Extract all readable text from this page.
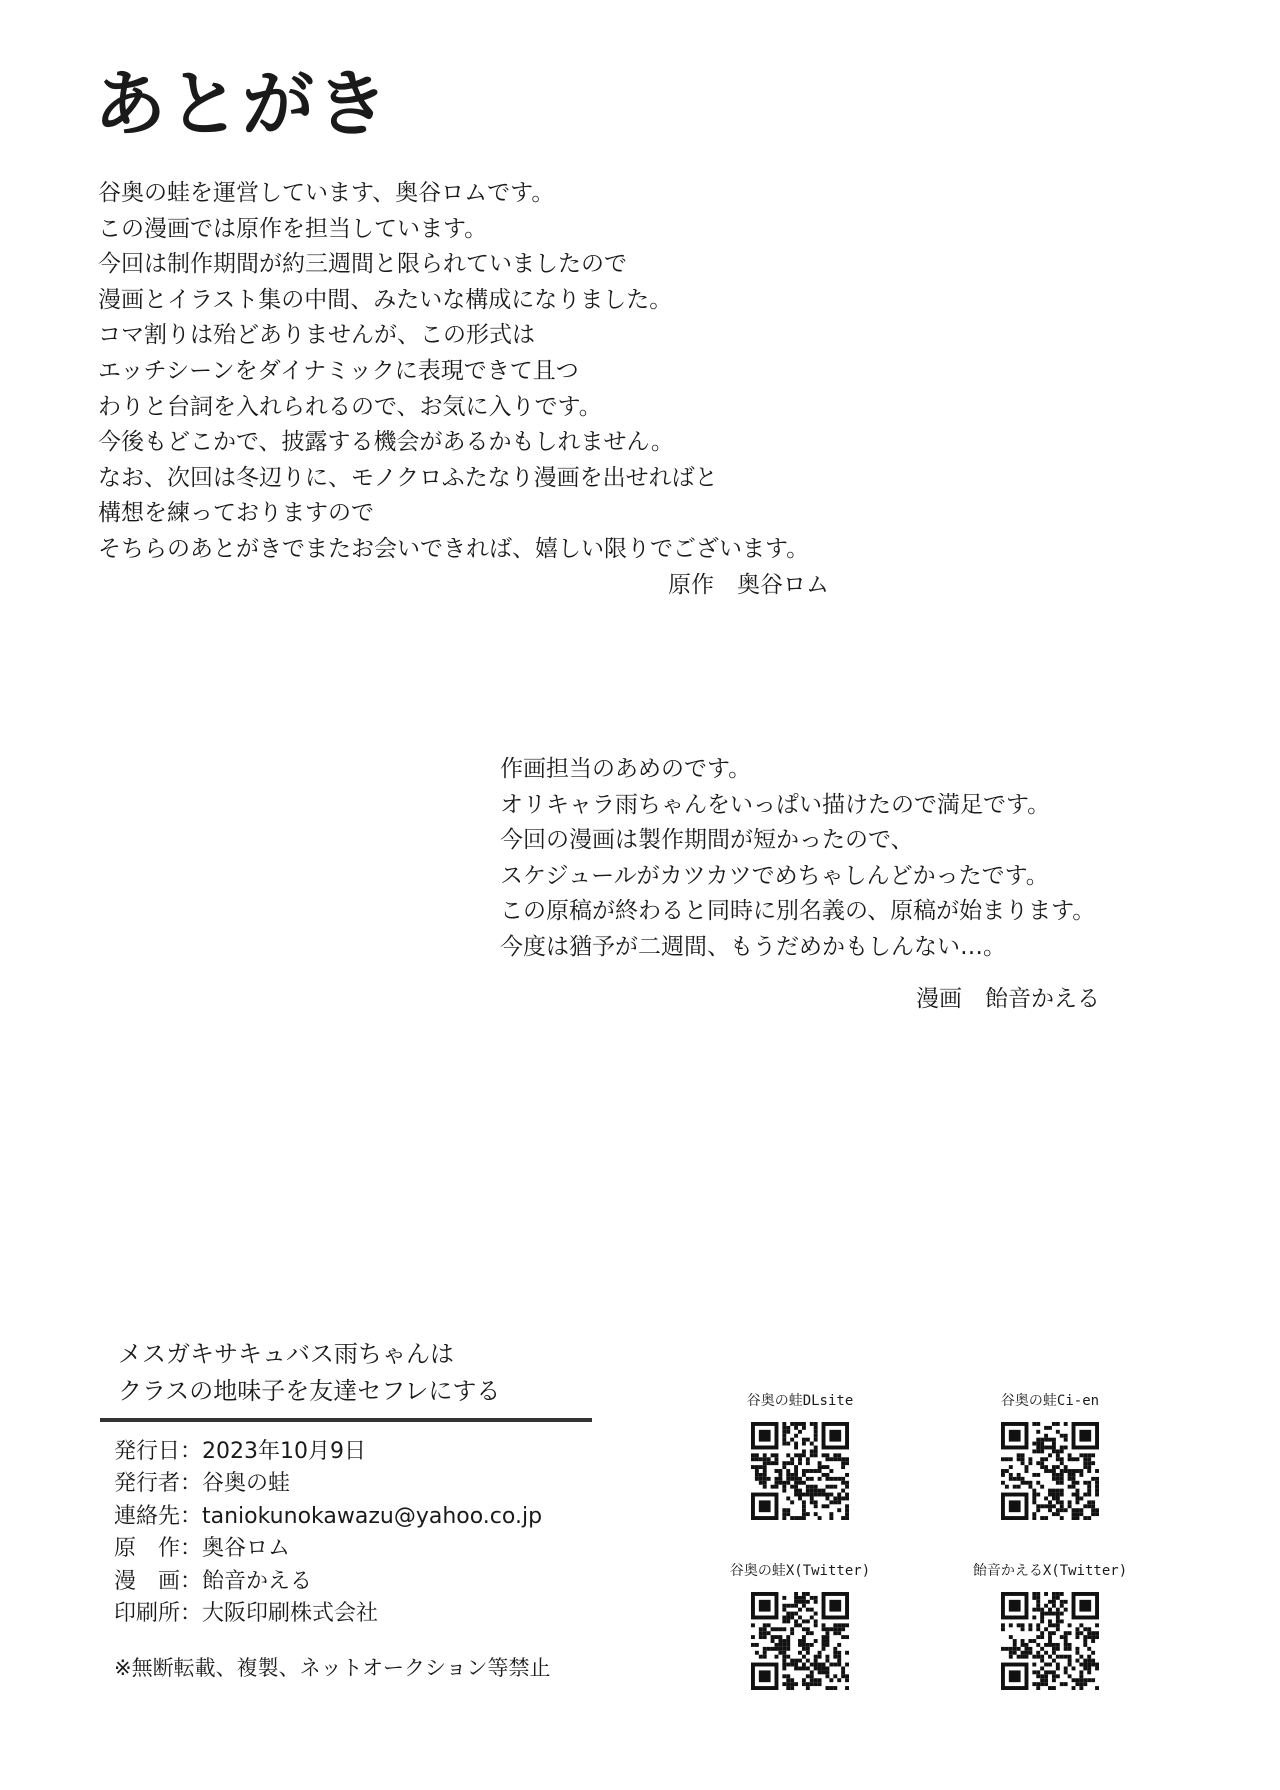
あとがき
谷奥の蛙を運営しています、奥谷ロムです。
この漫画では原作を担当しています。
今回は制作期間が約三週間と限られていましたので
漫画とイラスト集の中間、みたいな構成になりました。
コマ割りは殆どありませんが、この形式は
エッチシーンをダイナミックに表現できて且つ
わりと台詞を入れられるので、お気に入りです。
今後もどこかで、披露する機会があるかもしれません。
なお、次回は冬辺りに、モノクロふたなり漫画を出せればと
構想を練っておりますので
そちらのあとがきでまたお会いできれば、嬉しい限りでございます。
原作　奥谷ロム
作画担当のあめのです。
オリキャラ雨ちゃんをいっぱい描けたので満足です。
今回の漫画は製作期間が短かったので、
スケジュールがカツカツでめちゃしんどかったです。
この原稿が終わると同時に別名義の、原稿が始まります。
今度は猶予が二週間、もうだめかもしんない…。
漫画　飴音かえる
メスガキサキュバス雨ちゃんは
クラスの地味子を友達セフレにする
発行日：2023年10月9日
発行者：谷奥の蛙
連絡先：taniokunokawazu@yahoo.co.jp
原　作：奥谷ロム
漫　画：飴音かえる
印刷所：大阪印刷株式会社
※無断転載、複製、ネットオークション等禁止
谷奥の蛙DLsite	谷奥の蛙Ci-en
谷奥の蛙X(Twitter)	飴音かえるX(Twitter)
